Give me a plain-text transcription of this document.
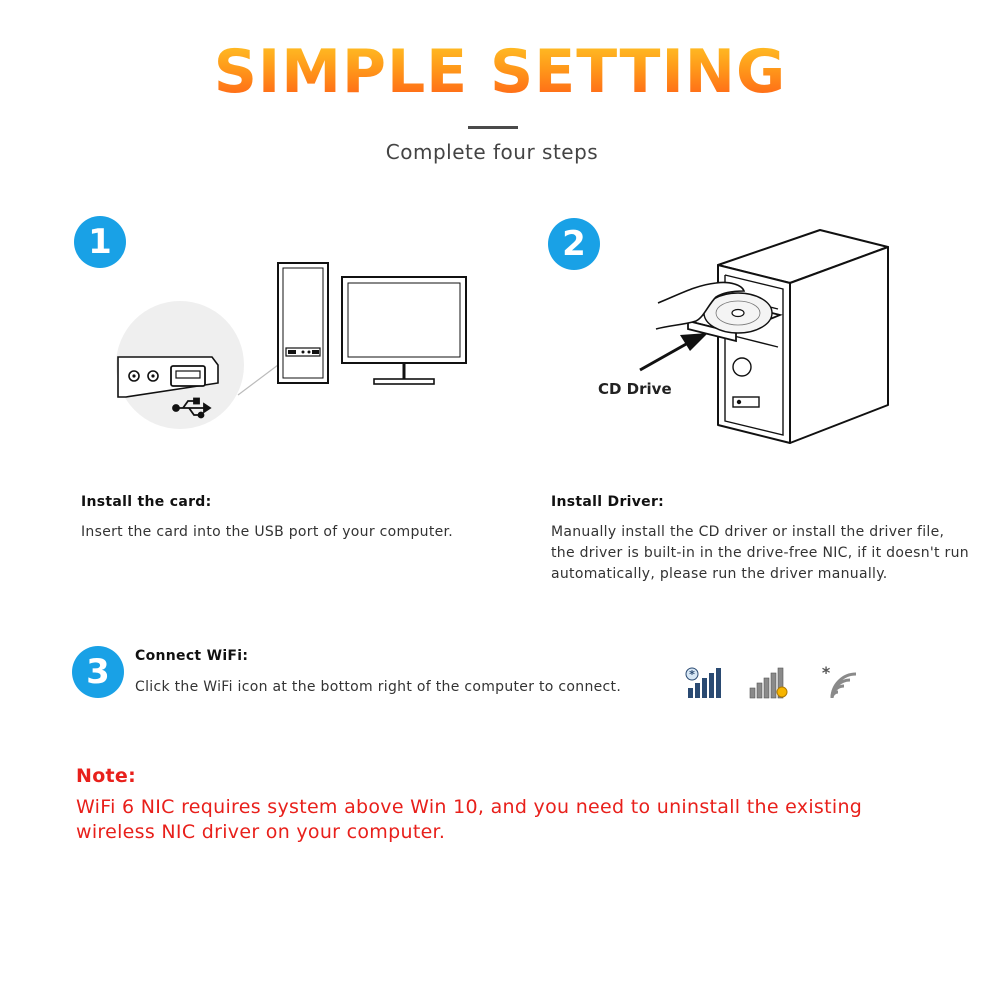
SIMPLE SETTING
Complete four steps
1
Install the card:
Insert the card into the USB port of your computer.
2
CD Drive
Install Driver:
Manually install the CD driver or install the driver file,
the driver is built-in in the drive-free NIC, if it doesn't run
automatically, please run the driver manually.
3	Connect WiFi:
Click the WiFi icon at the bottom right of the computer to connect.
*	*
Note:
WiFi 6 NIC requires system above Win 10, and you need to uninstall the existing
wireless NIC driver on your computer.
